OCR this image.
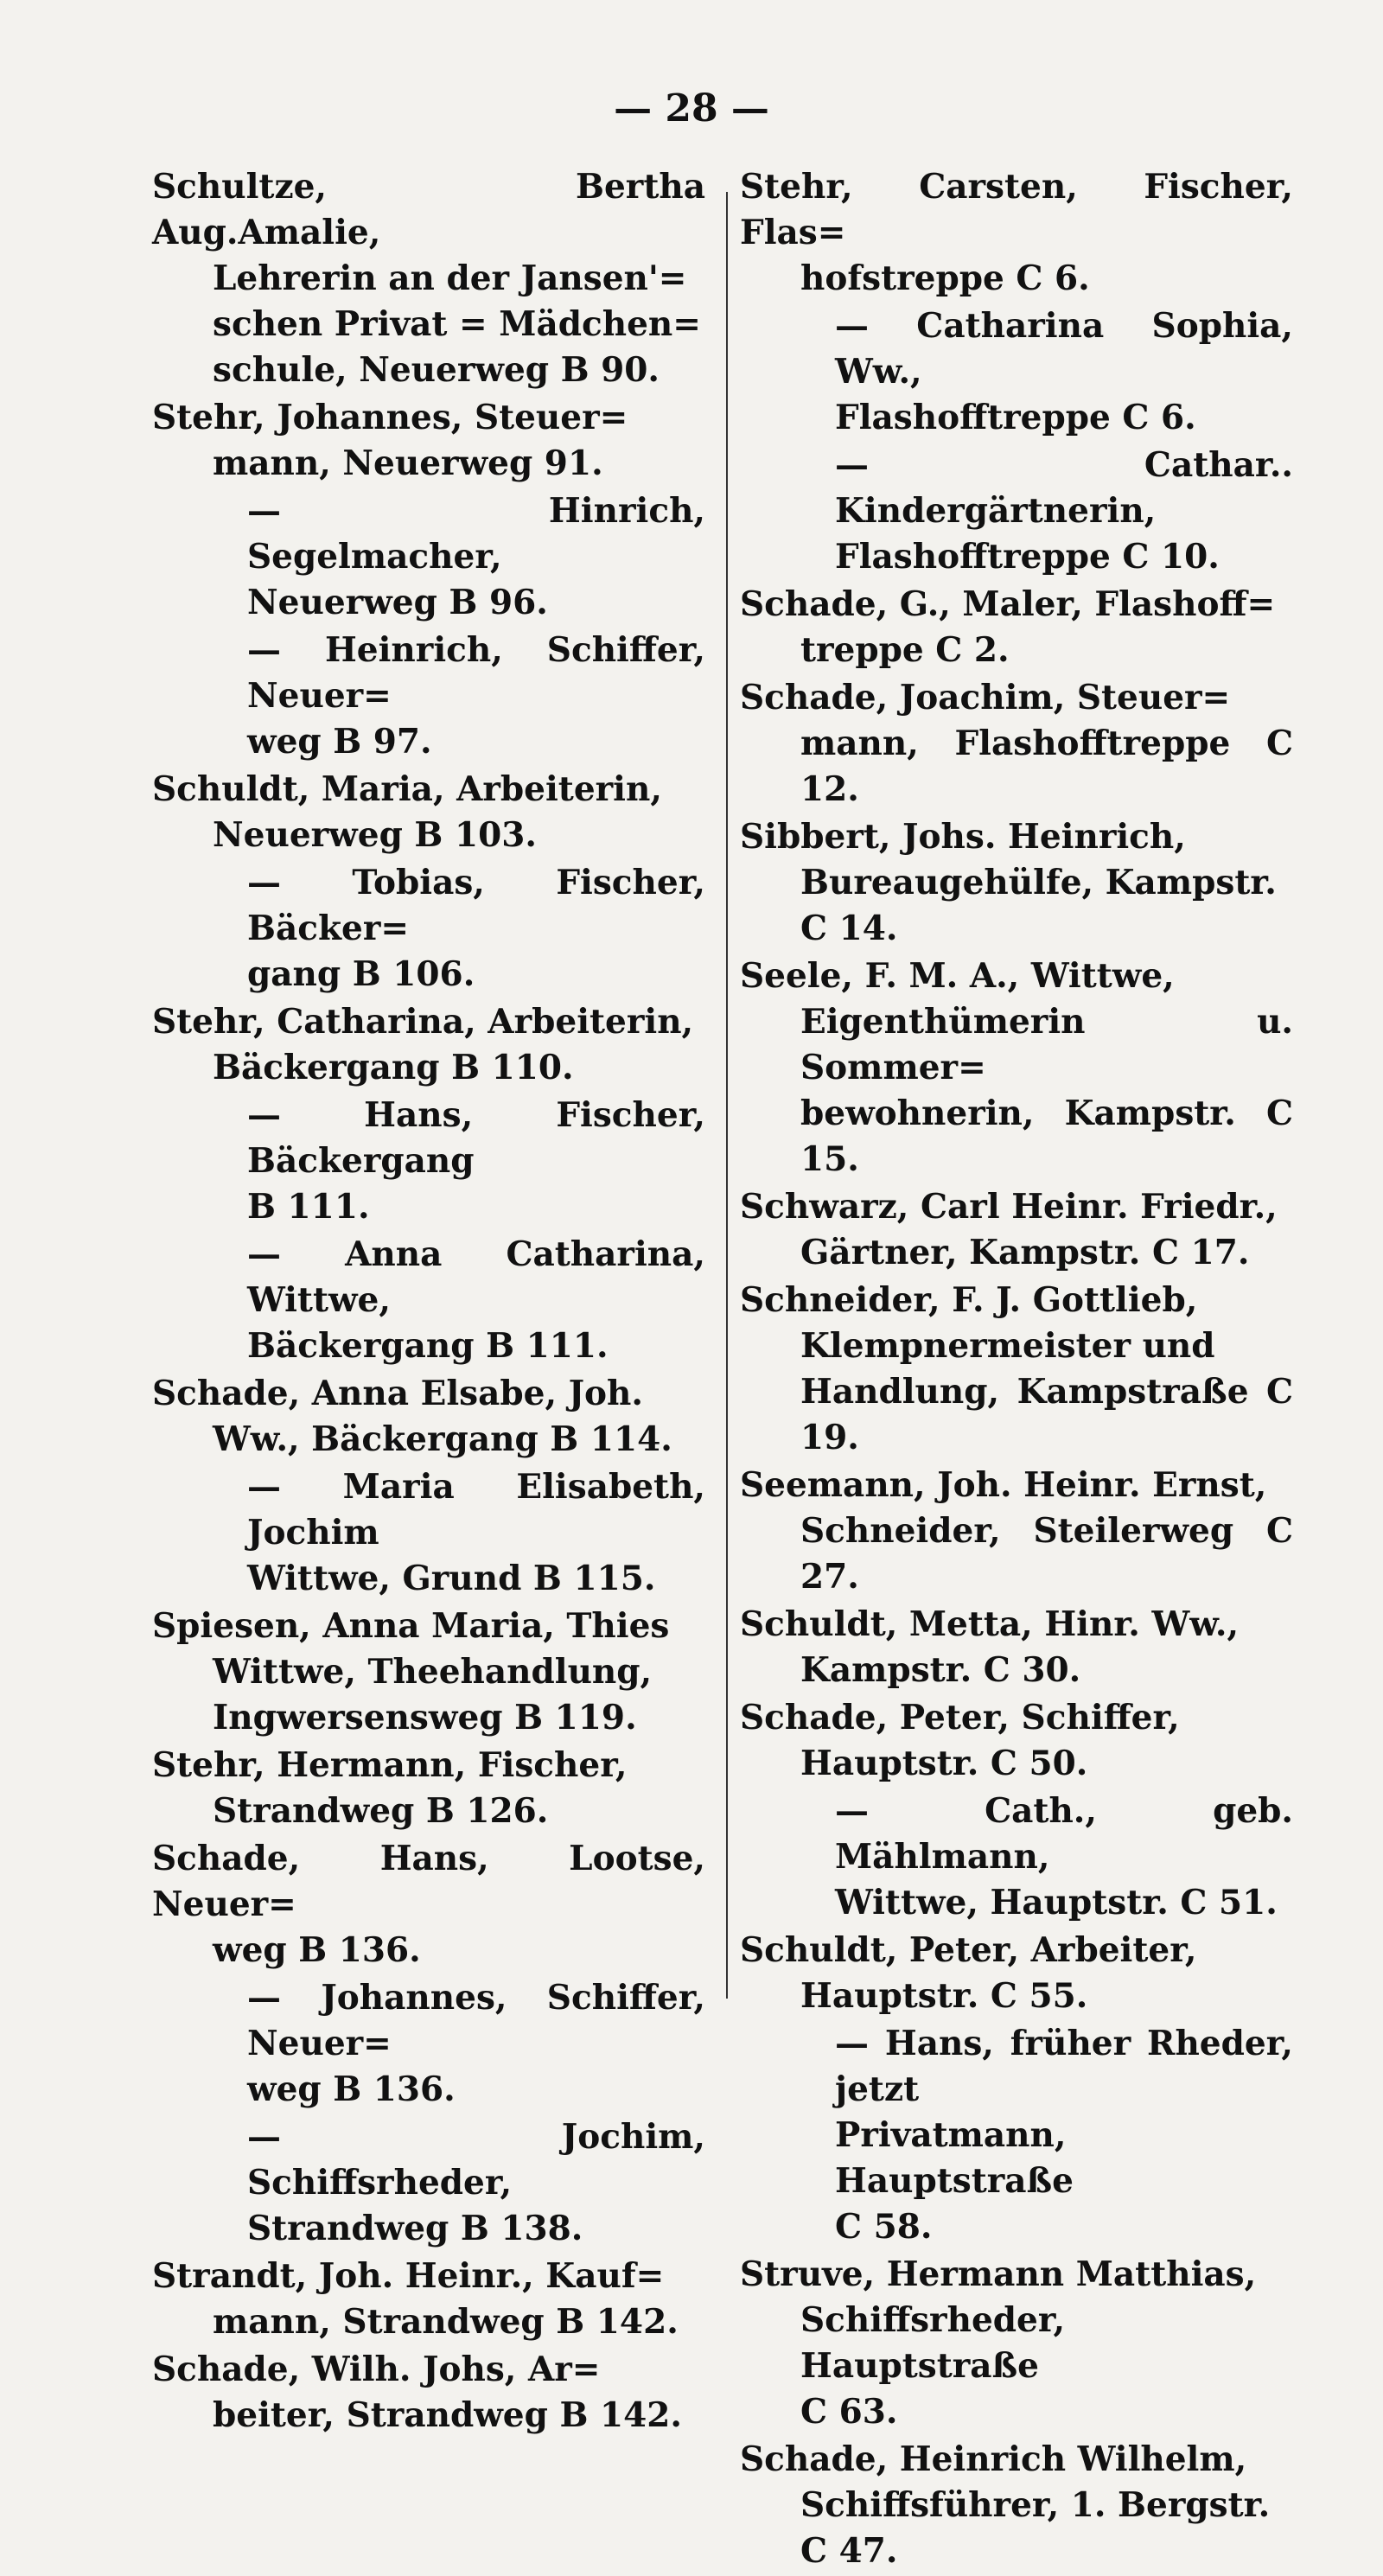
— 28 —
Schultze, Bertha Aug.Amalie,
Lehrerin an der Jansen'=
schen Privat = Mädchen=
schule, Neuerweg B 90.
Stehr, Johannes, Steuer=
mann, Neuerweg 91.
— Hinrich, Segelmacher,
Neuerweg B 96.
— Heinrich, Schiffer, Neuer=
weg B 97.
Schuldt, Maria, Arbeiterin,
Neuerweg B 103.
— Tobias, Fischer, Bäcker=
gang B 106.
Stehr, Catharina, Arbeiterin,
Bäckergang B 110.
— Hans, Fischer, Bäckergang
B 111.
— Anna Catharina, Wittwe,
Bäckergang B 111.
Schade, Anna Elsabe, Joh.
Ww., Bäckergang B 114.
— Maria Elisabeth, Jochim
Wittwe, Grund B 115.
Spiesen, Anna Maria, Thies
Wittwe, Theehandlung,
Ingwersensweg B 119.
Stehr, Hermann, Fischer,
Strandweg B 126.
Schade, Hans, Lootse, Neuer=
weg B 136.
— Johannes, Schiffer, Neuer=
weg B 136.
— Jochim, Schiffsrheder,
Strandweg B 138.
Strandt, Joh. Heinr., Kauf=
mann, Strandweg B 142.
Schade, Wilh. Johs, Ar=
beiter, Strandweg B 142.
Stehr, Carsten, Fischer, Flas=
hofstreppe C 6.
— Catharina Sophia, Ww.,
Flashofftreppe C 6.
— Cathar.. Kindergärtnerin,
Flashofftreppe C 10.
Schade, G., Maler, Flashoff=
treppe C 2.
Schade, Joachim, Steuer=
mann, Flashofftreppe C 12.
Sibbert, Johs. Heinrich,
Bureaugehülfe, Kampstr.
C 14.
Seele, F. M. A., Wittwe,
Eigenthümerin u. Sommer=
bewohnerin, Kampstr. C 15.
Schwarz, Carl Heinr. Friedr.,
Gärtner, Kampstr. C 17.
Schneider, F. J. Gottlieb,
Klempnermeister und
Handlung, Kampstraße C 19.
Seemann, Joh. Heinr. Ernst,
Schneider, Steilerweg C 27.
Schuldt, Metta, Hinr. Ww.,
Kampstr. C 30.
Schade, Peter, Schiffer,
Hauptstr. C 50.
— Cath., geb. Mählmann,
Wittwe, Hauptstr. C 51.
Schuldt, Peter, Arbeiter,
Hauptstr. C 55.
— Hans, früher Rheder, jetzt
Privatmann, Hauptstraße
C 58.
Struve, Hermann Matthias,
Schiffsrheder, Hauptstraße
C 63.
Schade, Heinrich Wilhelm,
Schiffsführer, 1. Bergstr.
C 47.
